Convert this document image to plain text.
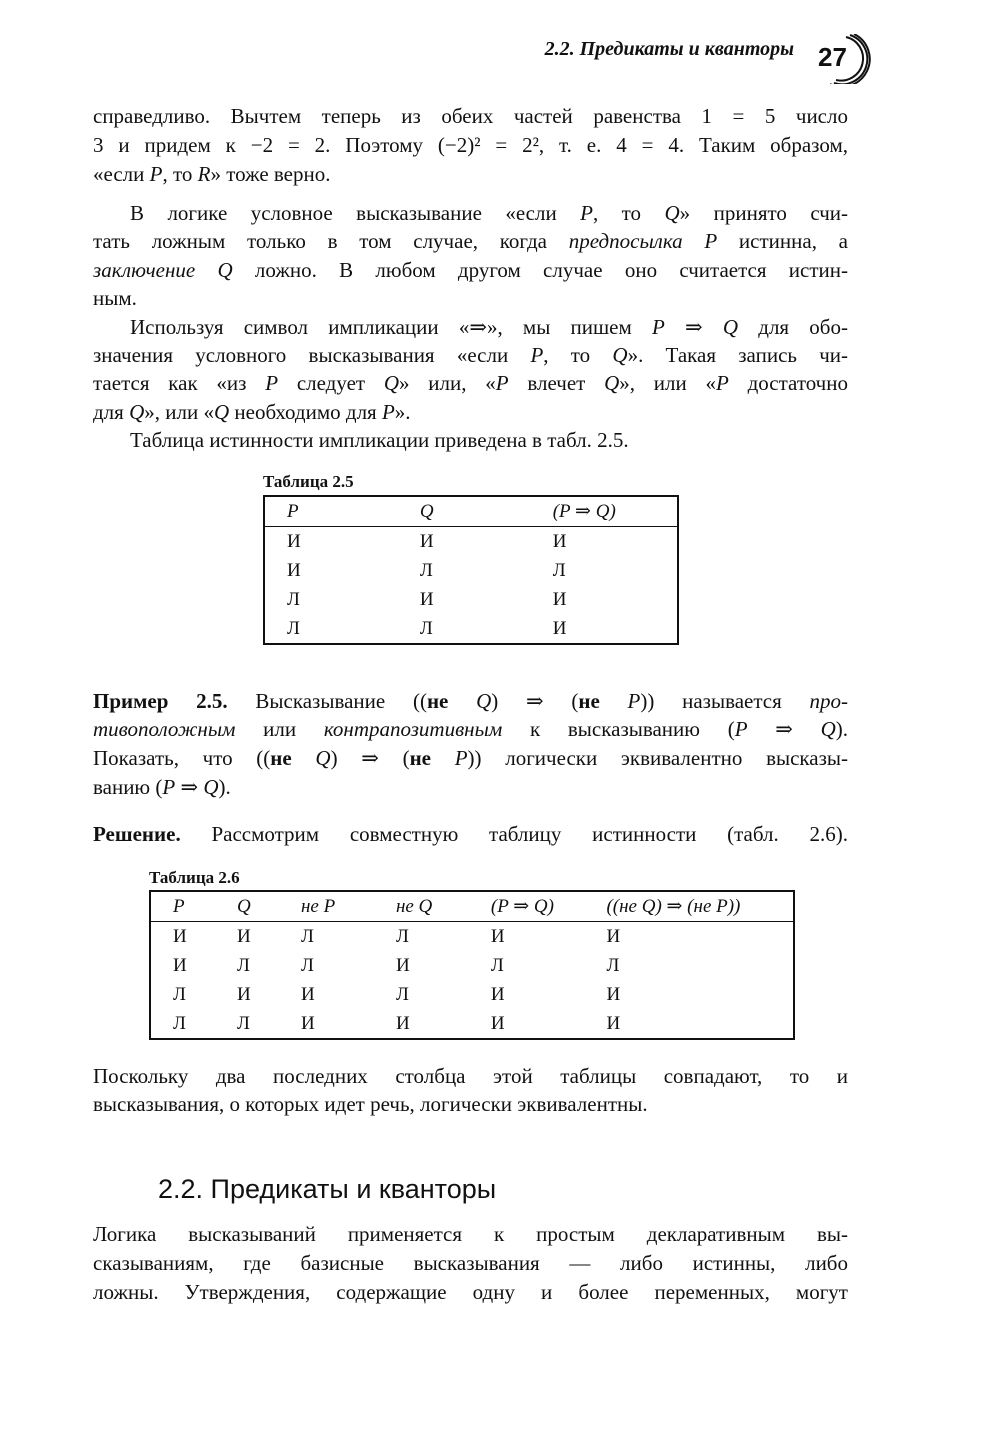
2.2. Предикаты и кванторы 27
справедливо. Вычтем теперь из обеих частей равенства 1 = 5 число
3 и придем к −2 = 2. Поэтому (−2)² = 2², т. е. 4 = 4. Таким образом,
«если P, то R» тоже верно.
В логике условное высказывание «если P, то Q» принято счи-
тать ложным только в том случае, когда предпосылка P истинна, а
заключение Q ложно. В любом другом случае оно считается истин-
ным.
Используя символ импликации «⇒», мы пишем P ⇒ Q для обо-
значения условного высказывания «если P, то Q». Такая запись чи-
тается как «из P следует Q» или, «P влечет Q», или «P достаточно
для Q», или «Q необходимо для P».
Таблица истинности импликации приведена в табл. 2.5.
Пример 2.5. Высказывание ((не Q) ⇒ (не P)) называется про-
тивоположным или контрапозитивным к высказыванию (P ⇒ Q).
Показать, что ((не Q) ⇒ (не P)) логически эквивалентно высказы-
ванию (P ⇒ Q).
Решение. Рассмотрим совместную таблицу истинности (табл. 2.6).
Поскольку два последних столбца этой таблицы совпадают, то и
высказывания, о которых идет речь, логически эквивалентны.
Логика высказываний применяется к простым декларативным вы-
сказываниям, где базисные высказывания — либо истинны, либо
ложны. Утверждения, содержащие одну и более переменных, могут
Таблица 2.5
P	Q	(P ⇒ Q)
И	И	И
И	Л	Л
Л	И	И
Л	Л	И
Таблица 2.6
P	Q	не P	не Q	(P ⇒ Q)	((не Q) ⇒ (не P))
И	И	Л	Л	И	И
И	Л	Л	И	Л	Л
Л	И	И	Л	И	И
Л	Л	И	И	И	И
2.2. Предикаты и кванторы
